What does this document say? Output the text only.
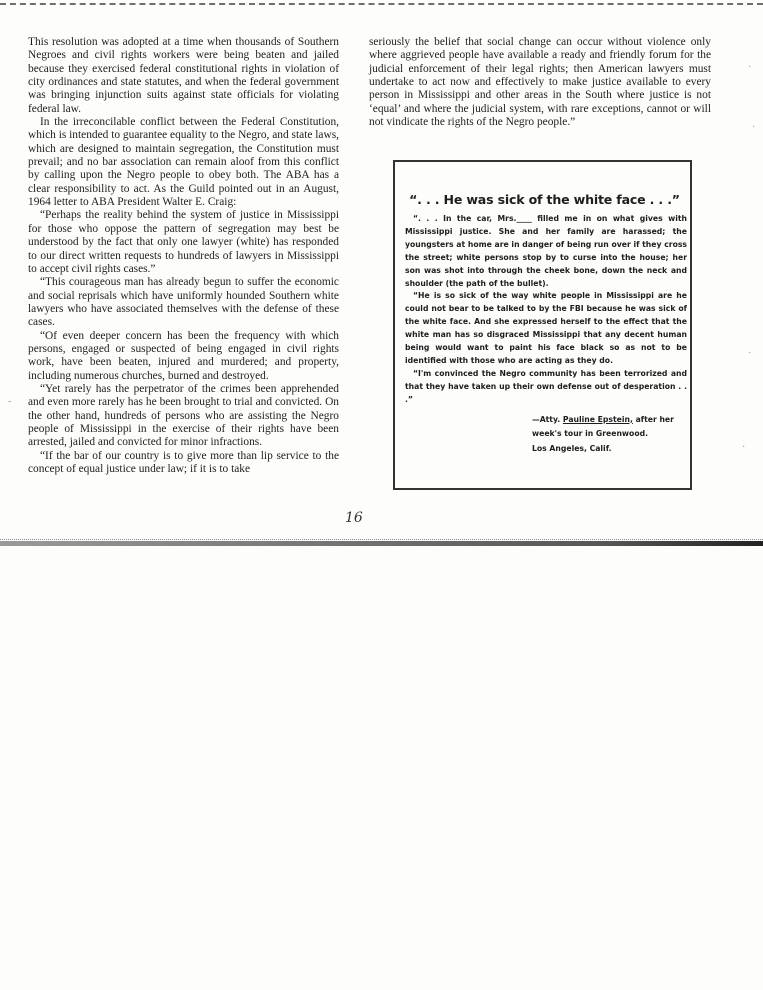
This resolution was adopted at a time when thousands of Southern Negroes and civil rights workers were being beaten and jailed because they exercised federal constitutional rights in violation of city ordinances and state statutes, and when the federal government was bringing injunction suits against state officials for violating federal law.

In the irreconcilable conflict between the Federal Constitution, which is intended to guarantee equality to the Negro, and state laws, which are designed to maintain segregation, the Constitution must prevail; and no bar association can remain aloof from this conflict by calling upon the Negro people to obey both. The ABA has a clear responsibility to act. As the Guild pointed out in an August, 1964 letter to ABA President Walter E. Craig:

“Perhaps the reality behind the system of justice in Mississippi for those who oppose the pattern of segregation may best be understood by the fact that only one lawyer (white) has responded to our direct written requests to hundreds of lawyers in Mississippi to accept civil rights cases.”

“This courageous man has already begun to suffer the economic and social reprisals which have uniformly hounded Southern white lawyers who have associated themselves with the defense of these cases.

“Of even deeper concern has been the frequency with which persons, engaged or suspected of being engaged in civil rights work, have been beaten, injured and murdered; and property, including numerous churches, burned and destroyed.

“Yet rarely has the perpetrator of the crimes been apprehended and even more rarely has he been brought to trial and convicted. On the other hand, hundreds of persons who are assisting the Negro people of Mississippi in the exercise of their rights have been arrested, jailed and convicted for minor infractions.

“If the bar of our country is to give more than lip service to the concept of equal justice under law; if it is to take

seriously the belief that social change can occur without violence only where aggrieved people have available a ready and friendly forum for the judicial enforcement of their legal rights; then American lawyers must undertake to act now and effectively to make justice available to every person in Mississippi and other areas in the South where justice is not ‘equal’ and where the judicial system, with rare exceptions, cannot or will not vindicate the rights of the Negro people.”

“. . . He was sick of the white face . . .”

“. . . In the car, Mrs.____ filled me in on what gives with Mississippi justice. She and her family are harassed; the youngsters at home are in danger of being run over if they cross the street; white persons stop by to curse into the house; her son was shot into through the cheek bone, down the neck and shoulder (the path of the bullet).

“He is so sick of the way white people in Mississippi are he could not bear to be talked to by the FBI because he was sick of the white face. And she expressed herself to the effect that the white man has so disgraced Mississippi that any decent human being would want to paint his face black so as not to be identified with those who are acting as they do.

“I'm convinced the Negro community has been terrorized and that they have taken up their own defense out of desperation . . .”

—Atty. Pauline Epstein, after her
week's tour in Greenwood.
Los Angeles, Calif.
16
·
·
·
·
-
